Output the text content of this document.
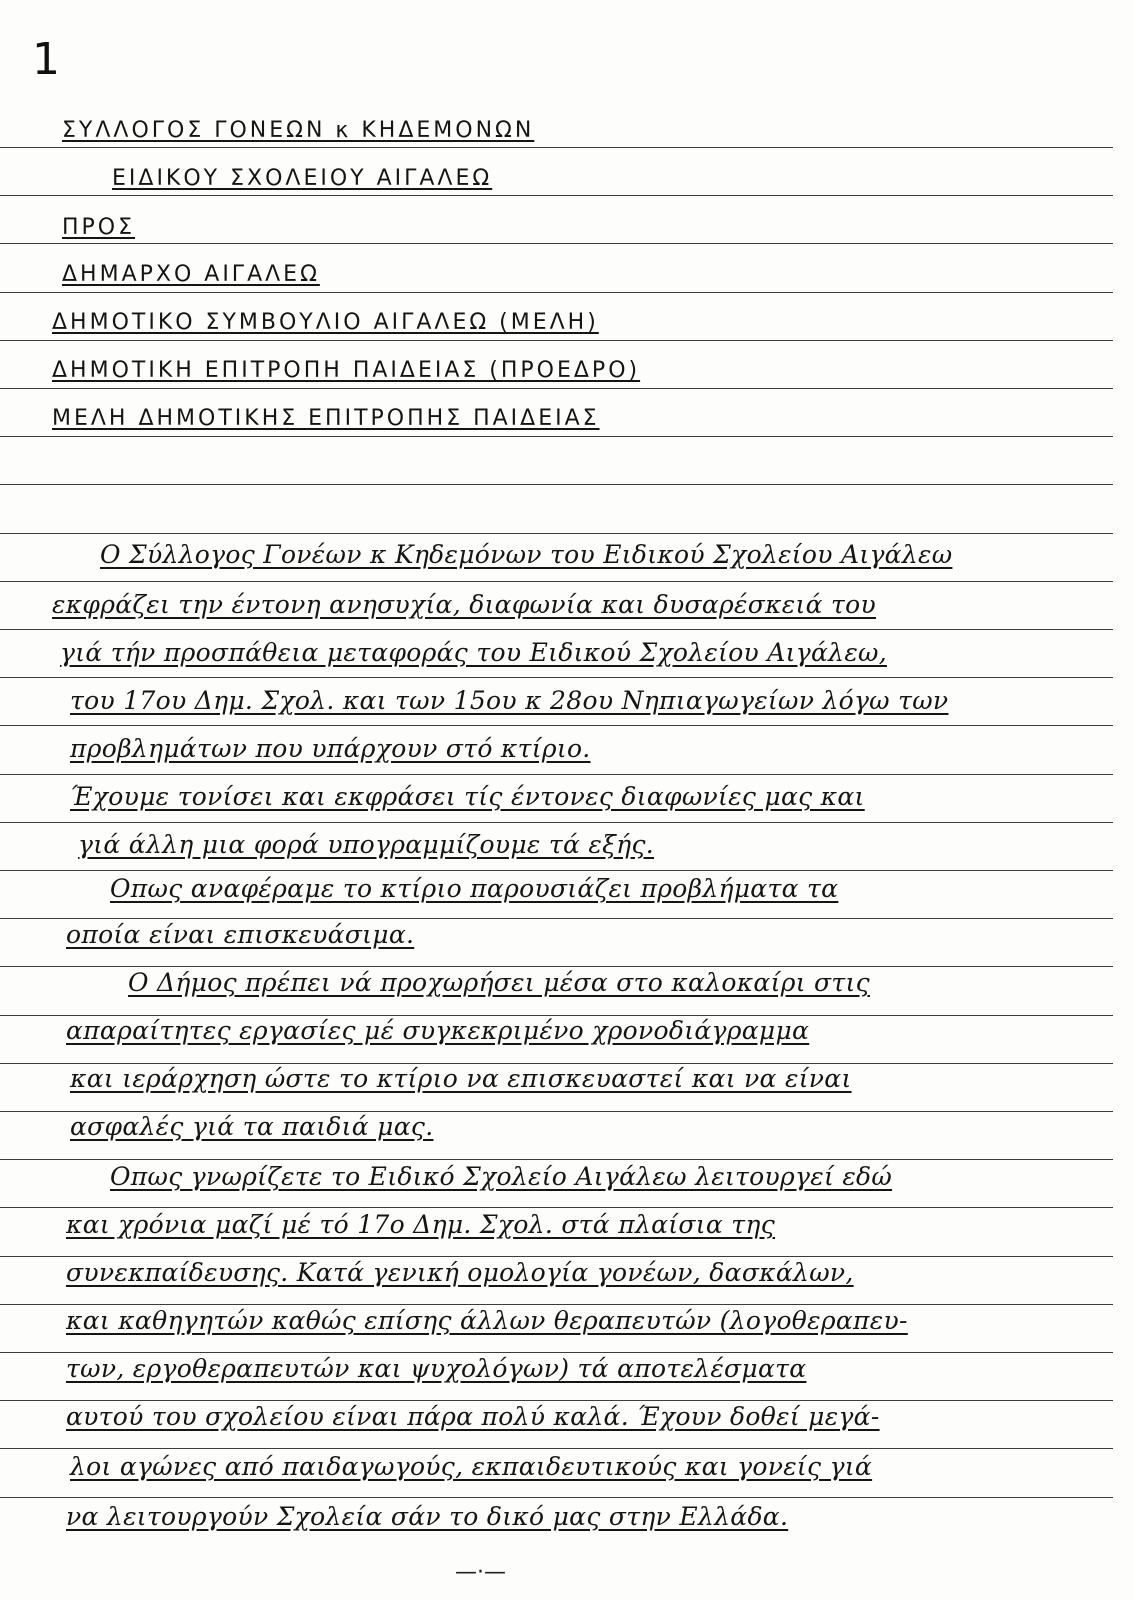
1
ΣΥΛΛΟΓΟΣ ΓΟΝΕΩΝ κ ΚΗΔΕΜΟΝΩΝ
ΕΙΔΙΚΟΥ ΣΧΟΛΕΙΟΥ ΑΙΓΑΛΕΩ
ΠΡΟΣ
ΔΗΜΑΡΧΟ ΑΙΓΑΛΕΩ
ΔΗΜΟΤΙΚΟ ΣΥΜΒΟΥΛΙΟ ΑΙΓΑΛΕΩ (ΜΕΛΗ)
ΔΗΜΟΤΙΚΗ ΕΠΙΤΡΟΠΗ ΠΑΙΔΕΙΑΣ (ΠΡΟΕΔΡΟ)
ΜΕΛΗ ΔΗΜΟΤΙΚΗΣ ΕΠΙΤΡΟΠΗΣ ΠΑΙΔΕΙΑΣ
Ο Σύλλογος Γονέων κ Κηδεμόνων του Ειδικού Σχολείου Αιγάλεω
εκφράζει την έντονη ανησυχία, διαφωνία και δυσαρέσκειά του
γιά τήν προσπάθεια μεταφοράς του Ειδικού Σχολείου Αιγάλεω,
του 17ου Δημ. Σχολ. και των 15ου κ 28ου Νηπιαγωγείων λόγω των
προβλημάτων που υπάρχουν στό κτίριο.
Έχουμε τονίσει και εκφράσει τίς έντονες διαφωνίες μας και
γιά άλλη μια φορά υπογραμμίζουμε τά εξής.
Οπως αναφέραμε το κτίριο παρουσιάζει προβλήματα τα
οποία είναι επισκευάσιμα.
Ο Δήμος πρέπει νά προχωρήσει μέσα στο καλοκαίρι στις
απαραίτητες εργασίες μέ συγκεκριμένο χρονοδιάγραμμα
και ιεράρχηση ώστε το κτίριο να επισκευαστεί και να είναι
ασφαλές γιά τα παιδιά μας.
Οπως γνωρίζετε το Ειδικό Σχολείο Αιγάλεω λειτουργεί εδώ
και χρόνια μαζί μέ τό 17ο Δημ. Σχολ. στά πλαίσια της
συνεκπαίδευσης. Κατά γενική ομολογία γονέων, δασκάλων,
και καθηγητών καθώς επίσης άλλων θεραπευτών (λογοθεραπευ-
των, εργοθεραπευτών και ψυχολόγων) τά αποτελέσματα
αυτού του σχολείου είναι πάρα πολύ καλά. Έχουν δοθεί μεγά-
λοι αγώνες από παιδαγωγούς, εκπαιδευτικούς και γονείς γιά
να λειτουργούν Σχολεία σάν το δικό μας στην Ελλάδα.
—·—
